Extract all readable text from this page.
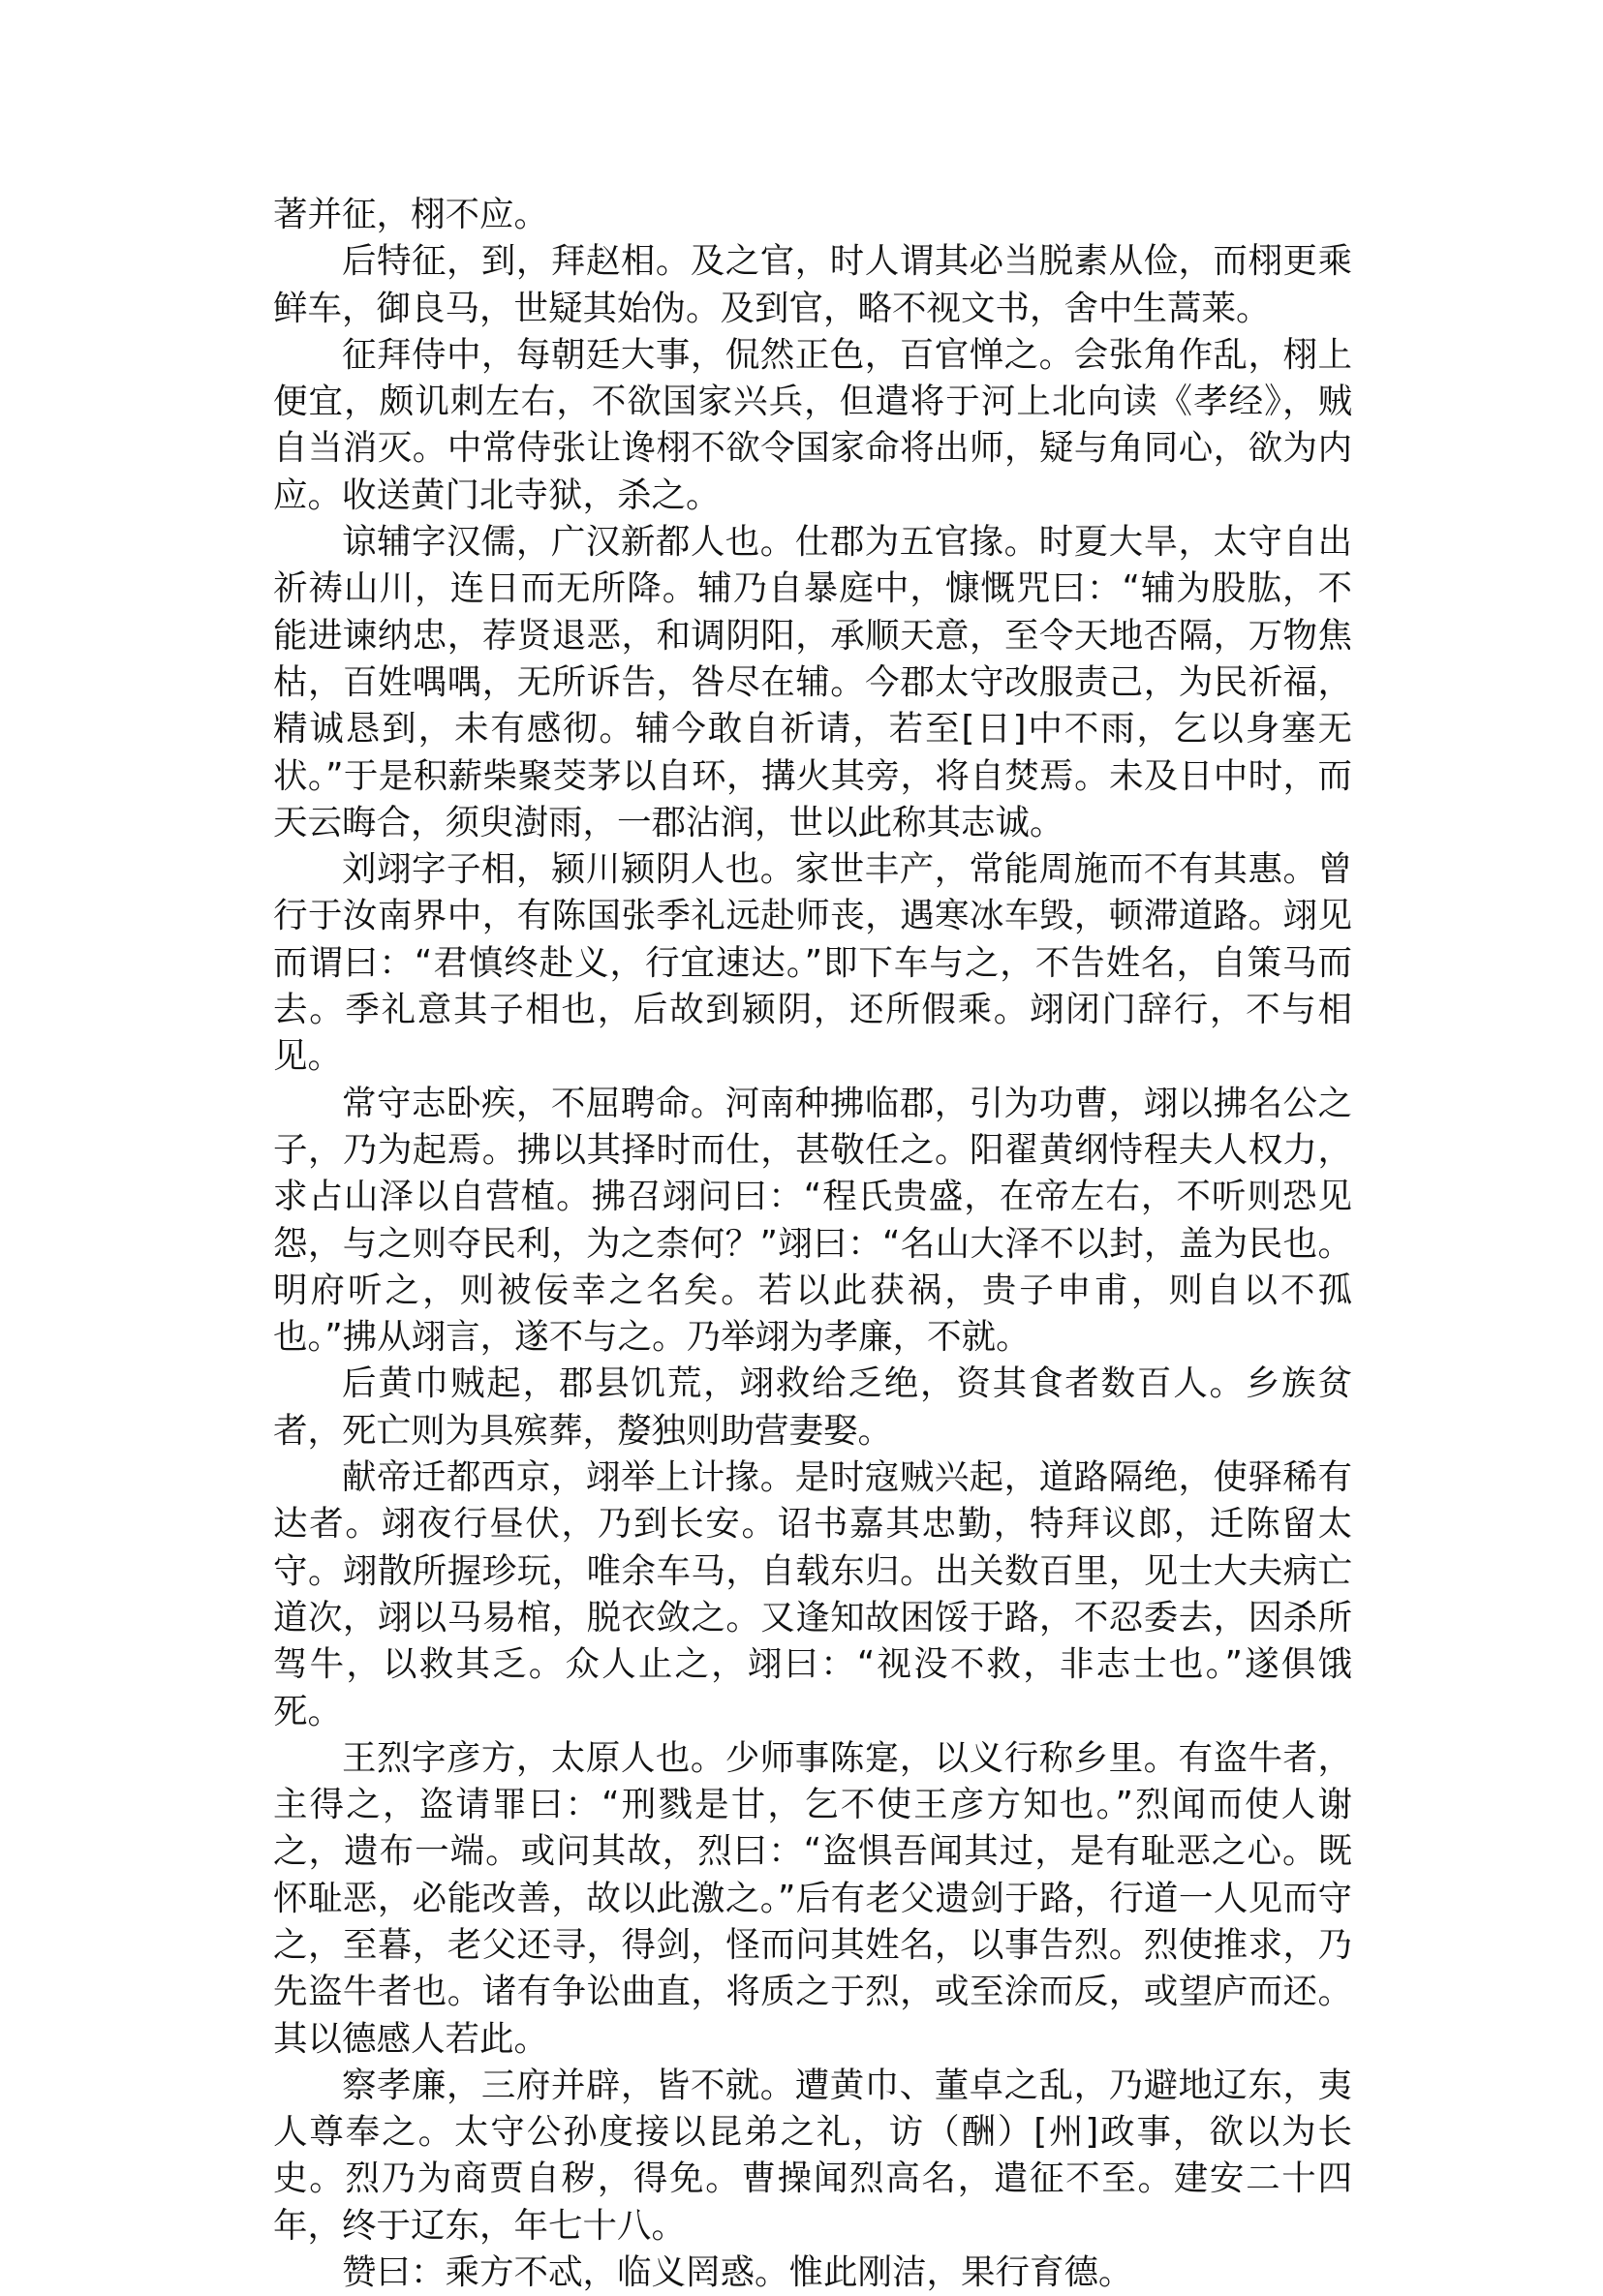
著并征，栩不应。

后特征，到，拜赵相。及之官，时人谓其必当脱素从俭，而栩更乘鲜车，御良马，世疑其始伪。及到官，略不视文书，舍中生蒿莱。

征拜侍中，每朝廷大事，侃然正色，百官惮之。会张角作乱，栩上便宜，颇讥刺左右，不欲国家兴兵，但遣将于河上北向读《孝经》，贼自当消灭。中常侍张让谗栩不欲令国家命将出师，疑与角同心，欲为内应。收送黄门北寺狱，杀之。

谅辅字汉儒，广汉新都人也。仕郡为五官掾。时夏大旱，太守自出祈祷山川，连日而无所降。辅乃自暴庭中，慷慨咒曰：“辅为股肱，不能进谏纳忠，荐贤退恶，和调阴阳，承顺天意，至令天地否隔，万物焦枯，百姓喁喁，无所诉告，咎尽在辅。今郡太守改服责己，为民祈福，精诚恳到，未有感彻。辅今敢自祈请，若至[日]中不雨，乞以身塞无状。”于是积薪柴聚茭茅以自环，搆火其旁，将自焚焉。未及日中时，而天云晦合，须臾澍雨，一郡沾润，世以此称其志诚。

刘翊字子相，颍川颍阴人也。家世丰产，常能周施而不有其惠。曾行于汝南界中，有陈国张季礼远赴师丧，遇寒冰车毁，顿滞道路。翊见而谓曰：“君慎终赴义，行宜速达。”即下车与之，不告姓名，自策马而去。季礼意其子相也，后故到颍阴，还所假乘。翊闭门辞行，不与相见。

常守志卧疾，不屈聘命。河南种拂临郡，引为功曹，翊以拂名公之子，乃为起焉。拂以其择时而仕，甚敬任之。阳翟黄纲恃程夫人权力，求占山泽以自营植。拂召翊问曰：“程氏贵盛，在帝左右，不听则恐见怨，与之则夺民利，为之柰何？”翊曰：“名山大泽不以封，盖为民也。明府听之，则被佞幸之名矣。若以此获祸，贵子申甫，则自以不孤也。”拂从翊言，遂不与之。乃举翊为孝廉，不就。

后黄巾贼起，郡县饥荒，翊救给乏绝，资其食者数百人。乡族贫者，死亡则为具殡葬，嫠独则助营妻娶。

献帝迁都西京，翊举上计掾。是时寇贼兴起，道路隔绝，使驿稀有达者。翊夜行昼伏，乃到长安。诏书嘉其忠勤，特拜议郎，迁陈留太守。翊散所握珍玩，唯余车马，自载东归。出关数百里，见士大夫病亡道次，翊以马易棺，脱衣敛之。又逢知故困馁于路，不忍委去，因杀所驾牛，以救其乏。众人止之，翊曰：“视没不救，非志士也。”遂俱饿死。

王烈字彦方，太原人也。少师事陈寔，以义行称乡里。有盗牛者，主得之，盗请罪曰：“刑戮是甘，乞不使王彦方知也。”烈闻而使人谢之，遗布一端。或问其故，烈曰：“盗惧吾闻其过，是有耻恶之心。既怀耻恶，必能改善，故以此激之。”后有老父遗剑于路，行道一人见而守之，至暮，老父还寻，得剑，怪而问其姓名，以事告烈。烈使推求，乃先盗牛者也。诸有争讼曲直，将质之于烈，或至涂而反，或望庐而还。其以德感人若此。

察孝廉，三府并辟，皆不就。遭黄巾、董卓之乱，乃避地辽东，夷人尊奉之。太守公孙度接以昆弟之礼，访（酬）[州]政事，欲以为长史。烈乃为商贾自秽，得免。曹操闻烈高名，遣征不至。建安二十四年，终于辽东，年七十八。

赞曰：乘方不忒，临义罔惑。惟此刚洁，果行育德。
